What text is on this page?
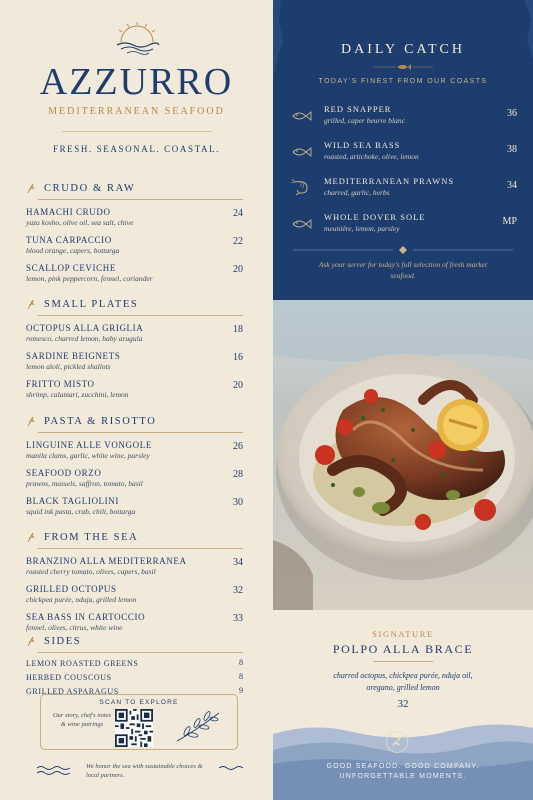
AZZURRO
MEDITERRANEAN SEAFOOD
FRESH. SEASONAL. COASTAL.
CRUDO & RAW
HAMACHI CRUDO
yuzu kosho, olive oil, sea salt, chive
24
TUNA CARPACCIO
blood orange, capers, bottarga
22
SCALLOP CEVICHE
lemon, pink peppercorn, fennel, coriander
20
SMALL PLATES
OCTOPUS ALLA GRIGLIA
romesco, charred lemon, baby arugula
18
SARDINE BEIGNETS
lemon aïoli, pickled shallots
16
FRITTO MISTO
shrimp, calamari, zucchini, lemon
20
PASTA & RISOTTO
LINGUINE ALLE VONGOLE
manila clams, garlic, white wine, parsley
26
SEAFOOD ORZO
prawns, mussels, saffron, tomato, basil
28
BLACK TAGLIOLINI
squid ink pasta, crab, chili, bottarga
30
FROM THE SEA
BRANZINO ALLA MEDITERRANEA
roasted cherry tomato, olives, capers, basil
34
GRILLED OCTOPUS
chickpea purée, nduja, grilled lemon
32
SEA BASS IN CARTOCCIO
fennel, olives, citrus, white wine
33
SIDES
LEMON ROASTED GREENS	8
HERBED COUSCOUS	8
GRILLED ASPARAGUS	9
SCAN TO EXPLORE
Our story, chef's notes & wine pairings
We honor the sea with sustainable choices & local partners.
DAILY CATCH
TODAY'S FINEST FROM OUR COASTS
RED SNAPPER
grilled, caper beurre blanc
36
WILD SEA BASS
roasted, artichoke, olive, lemon
38
MEDITERRANEAN PRAWNS
charred, garlic, herbs
34
WHOLE DOVER SOLE
meunière, lemon, parsley
MP
Ask your server for today's full selection of fresh market seafood.
SIGNATURE
POLPO ALLA BRACE
charred octopus, chickpea purée, nduja oil, oregano, grilled lemon
32
GOOD SEAFOOD. GOOD COMPANY. UNFORGETTABLE MOMENTS.
